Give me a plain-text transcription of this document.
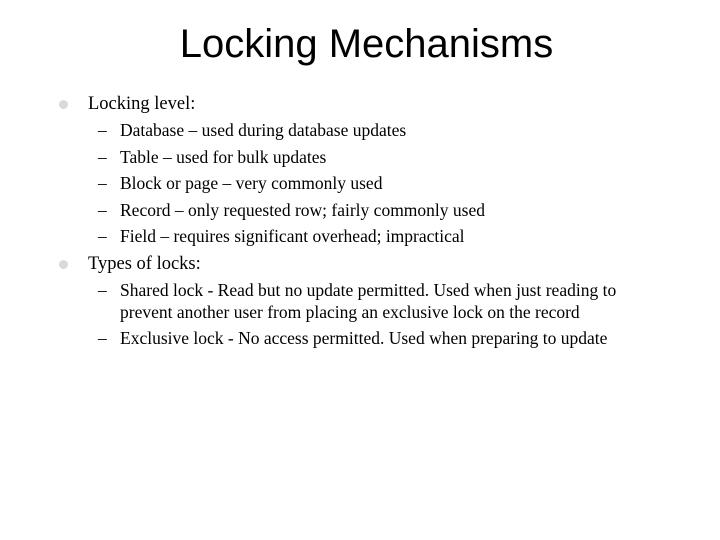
Locking Mechanisms
Locking level:
– Database – used during database updates
– Table – used for bulk updates
– Block or page – very commonly used
– Record – only requested row; fairly commonly used
– Field – requires significant overhead; impractical
Types of locks:
– Shared lock - Read but no update permitted. Used when just reading to prevent another user from placing an exclusive lock on the record
– Exclusive lock - No access permitted. Used when preparing to update
